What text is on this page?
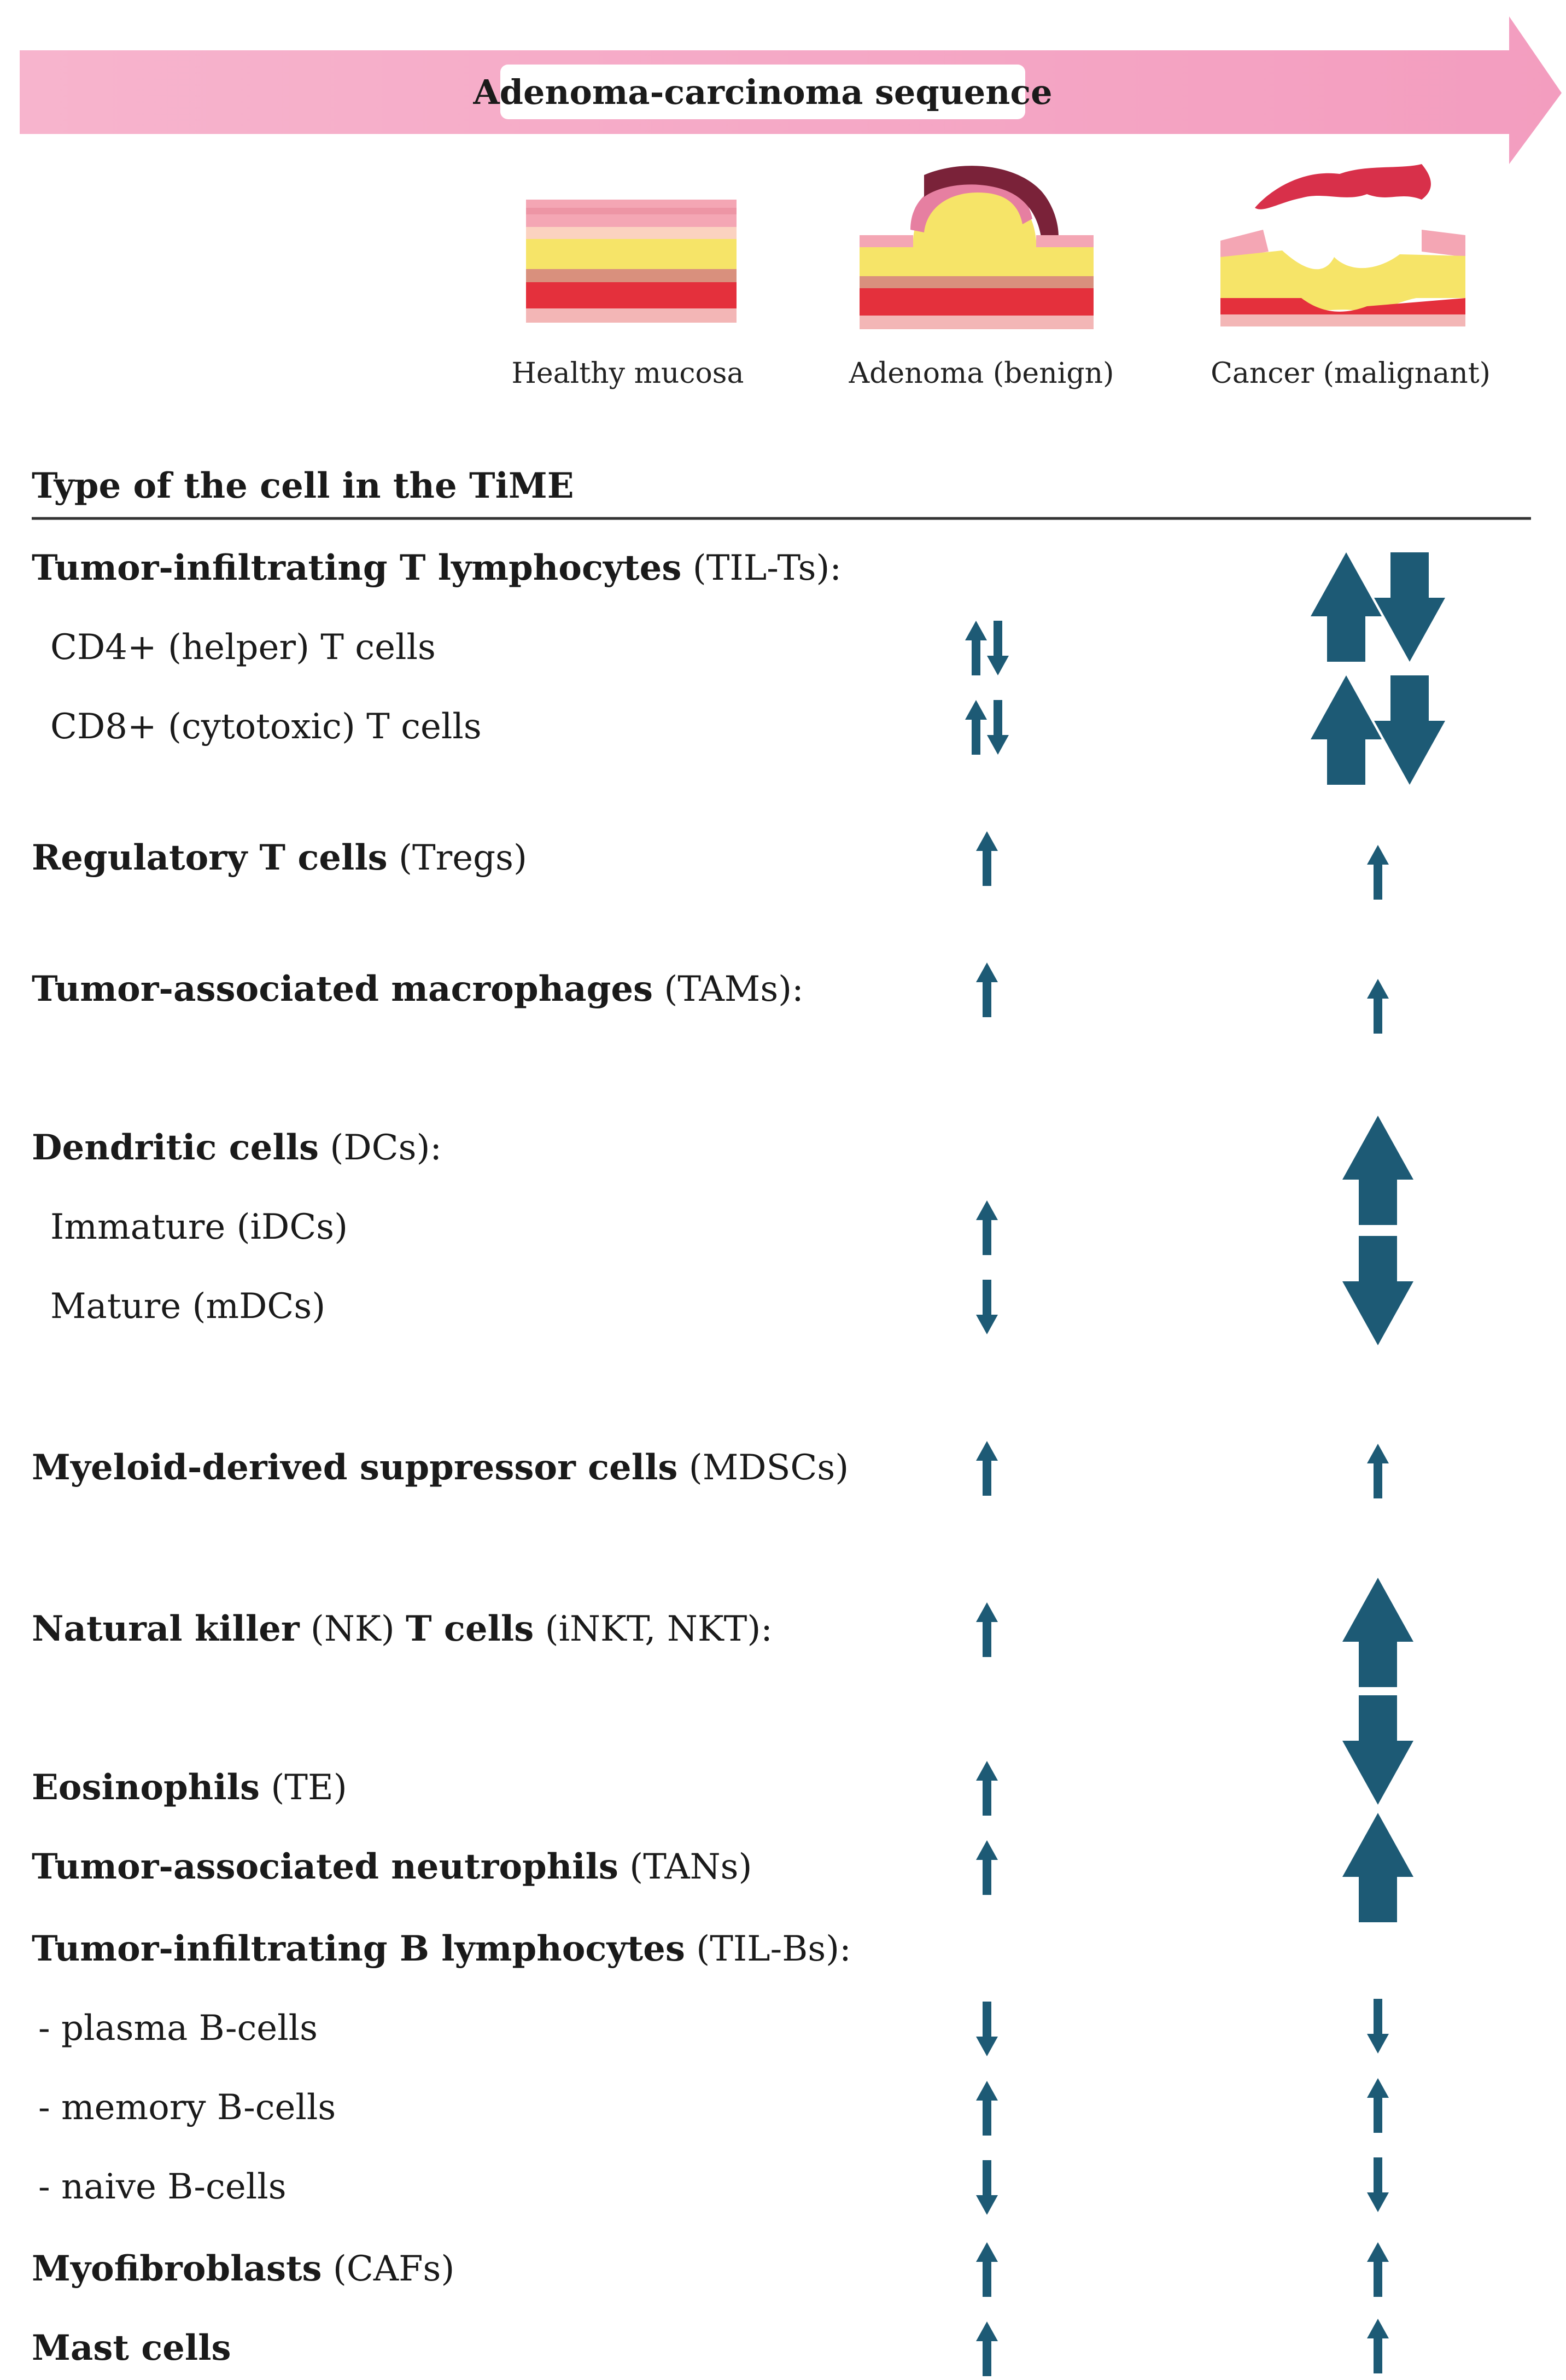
Adenoma-carcinoma sequence
Healthy mucosa	Adenoma (benign)	Cancer (malignant)
Type of the cell in the TiME
Tumor-infiltrating T lymphocytes (TIL-Ts):
CD4+ (helper) T cells
CD8+ (cytotoxic) T cells
Regulatory T cells (Tregs)
Tumor-associated macrophages (TAMs):
Dendritic cells (DCs):
Immature (iDCs)
Mature (mDCs)
Myeloid-derived suppressor cells (MDSCs)
Natural killer (NK) T cells (iNKT, NKT):
Eosinophils (TE)
Tumor-associated neutrophils (TANs)
Tumor-infiltrating B lymphocytes (TIL-Bs):
- plasma B-cells
- memory B-cells
- naive B-cells
Myofibroblasts (CAFs)
Mast cells
